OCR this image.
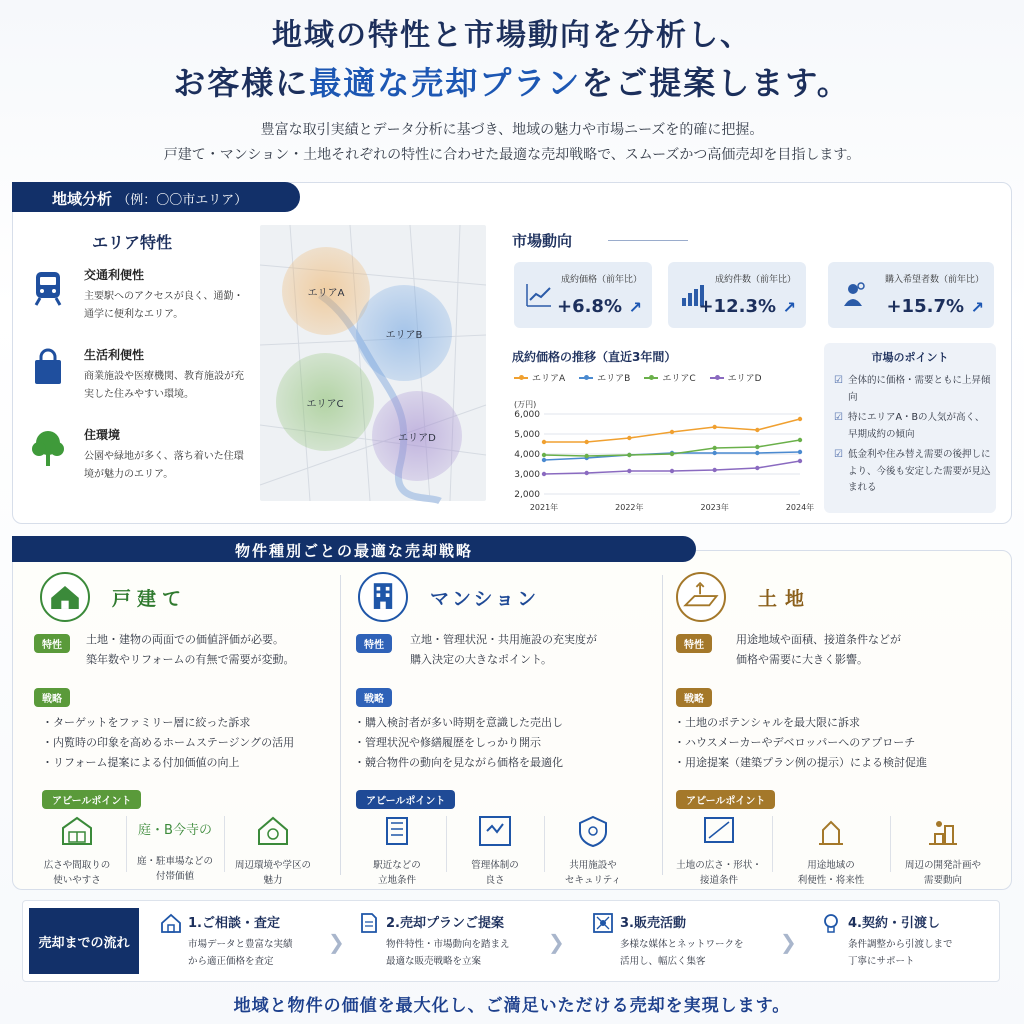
地域の特性と市場動向を分析し、
お客様に最適な売却プランをご提案します。
豊富な取引実績とデータ分析に基づき、地域の魅力や市場ニーズを的確に把握。
戸建て・マンション・土地それぞれの特性に合わせた最適な売却戦略で、スムーズかつ高価売却を目指します。
地域分析 （例：〇〇市エリア）
エリア特性
交通利便性
主要駅へのアクセスが良く、通勤・通学に便利なエリア。
生活利便性
商業施設や医療機関、教育施設が充実した住みやすい環境。
住環境
公園や緑地が多く、落ち着いた住環境が魅力のエリア。
エリアA
エリアB
エリアC
エリアD
市場動向
成約価格（前年比）
+6.8% ↗
成約件数（前年比）
+12.3% ↗
購入希望者数（前年比）
+15.7% ↗
成約価格の推移（直近3年間）
エリアA	エリアB	エリアC	エリアD
(万円)
6,000
5,000
4,000
3,000
2,000
2021年	2022年	2023年	2024年
市場のポイント
☑ 全体的に価格・需要ともに上昇傾向
☑ 特にエリアA・Bの人気が高く、早期成約の傾向
☑ 低金利や住み替え需要の後押しにより、今後も安定した需要が見込まれる
物件種別ごとの最適な売却戦略
戸建て
特性	土地・建物の両面での価値評価が必要。
築年数やリフォームの有無で需要が変動。
戦略
・ターゲットをファミリー層に絞った訴求
・内覧時の印象を高めるホームステージングの活用
・リフォーム提案による付加価値の向上
アピールポイント
広さや間取りの
使いやすさ
庭・B今寺の
庭・駐車場などの
付帯価値
周辺環境や学区の
魅力
マンション
特性	立地・管理状況・共用施設の充実度が
購入決定の大きなポイント。
戦略
・購入検討者が多い時期を意識した売出し
・管理状況や修繕履歴をしっかり開示
・競合物件の動向を見ながら価格を最適化
アピールポイント
駅近などの
立地条件
管理体制の
良さ
共用施設や
セキュリティ
土地
特性	用途地域や面積、接道条件などが
価格や需要に大きく影響。
戦略
・土地のポテンシャルを最大限に訴求
・ハウスメーカーやデベロッパーへのアプローチ
・用途提案（建築プラン例の提示）による検討促進
アピールポイント
土地の広さ・形状・
接道条件
用途地域の
利便性・将来性
周辺の開発計画や
需要動向
売却までの流れ
1.ご相談・査定
市場データと豊富な実績
から適正価格を査定
❯
2.売却プランご提案
物件特性・市場動向を踏まえ
最適な販売戦略を立案
❯
3.販売活動
多様な媒体とネットワークを
活用し、幅広く集客
❯
4.契約・引渡し
条件調整から引渡しまで
丁寧にサポート
地域と物件の価値を最大化し、ご満足いただける売却を実現します。
